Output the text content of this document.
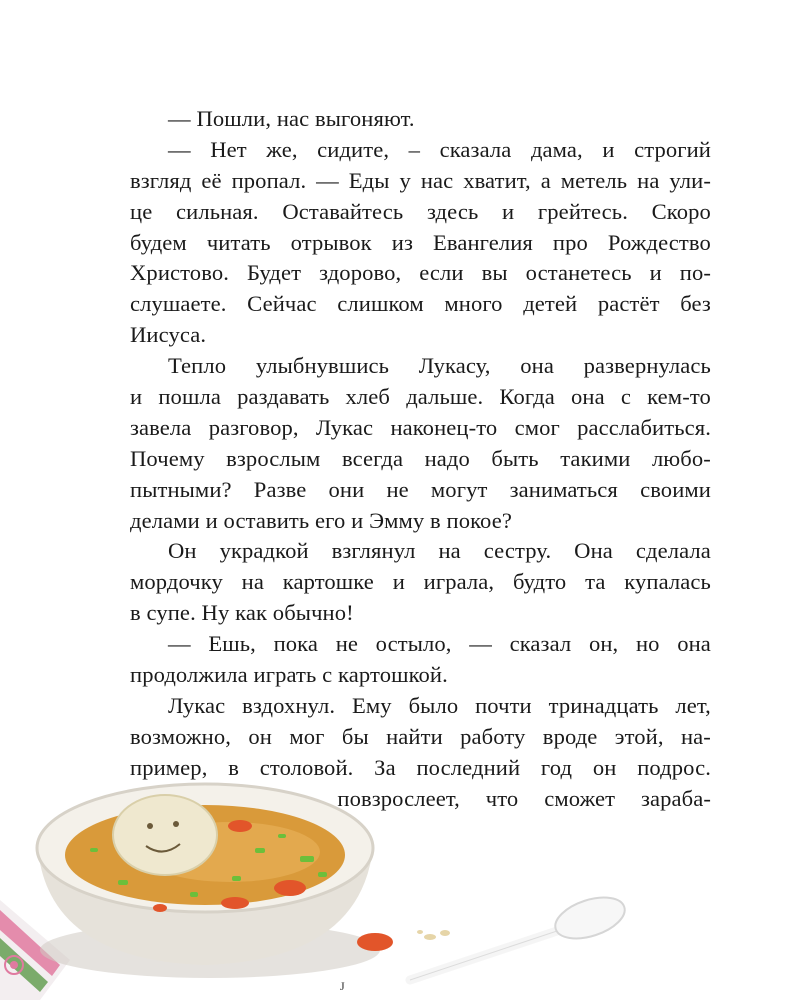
— Пошли, нас выгоняют.
— Нет же, сидите, – сказала дама, и строгий
взгляд её пропал. — Еды у нас хватит, а метель на ули-
це сильная. Оставайтесь здесь и грейтесь. Скоро
будем читать отрывок из Евангелия про Рождество
Христово. Будет здорово, если вы останетесь и по-
слушаете. Сейчас слишком много детей растёт без
Иисуса.
Тепло улыбнувшись Лукасу, она развернулась
и пошла раздавать хлеб дальше. Когда она с кем-то
завела разговор, Лукас наконец-то смог расслабиться.
Почему взрослым всегда надо быть такими любо-
пытными? Разве они не могут заниматься своими
делами и оставить его и Эмму в покое?
Он украдкой взглянул на сестру. Она сделала
мордочку на картошке и играла, будто та купалась
в супе. Ну как обычно!
— Ешь, пока не остыло, — сказал он, но она
продолжила играть с картошкой.
Лукас вздохнул. Ему было почти тринадцать лет,
возможно, он мог бы найти работу вроде этой, на-
пример, в столовой. За последний год он подрос.
повзрослеет, что сможет зараба-
J
